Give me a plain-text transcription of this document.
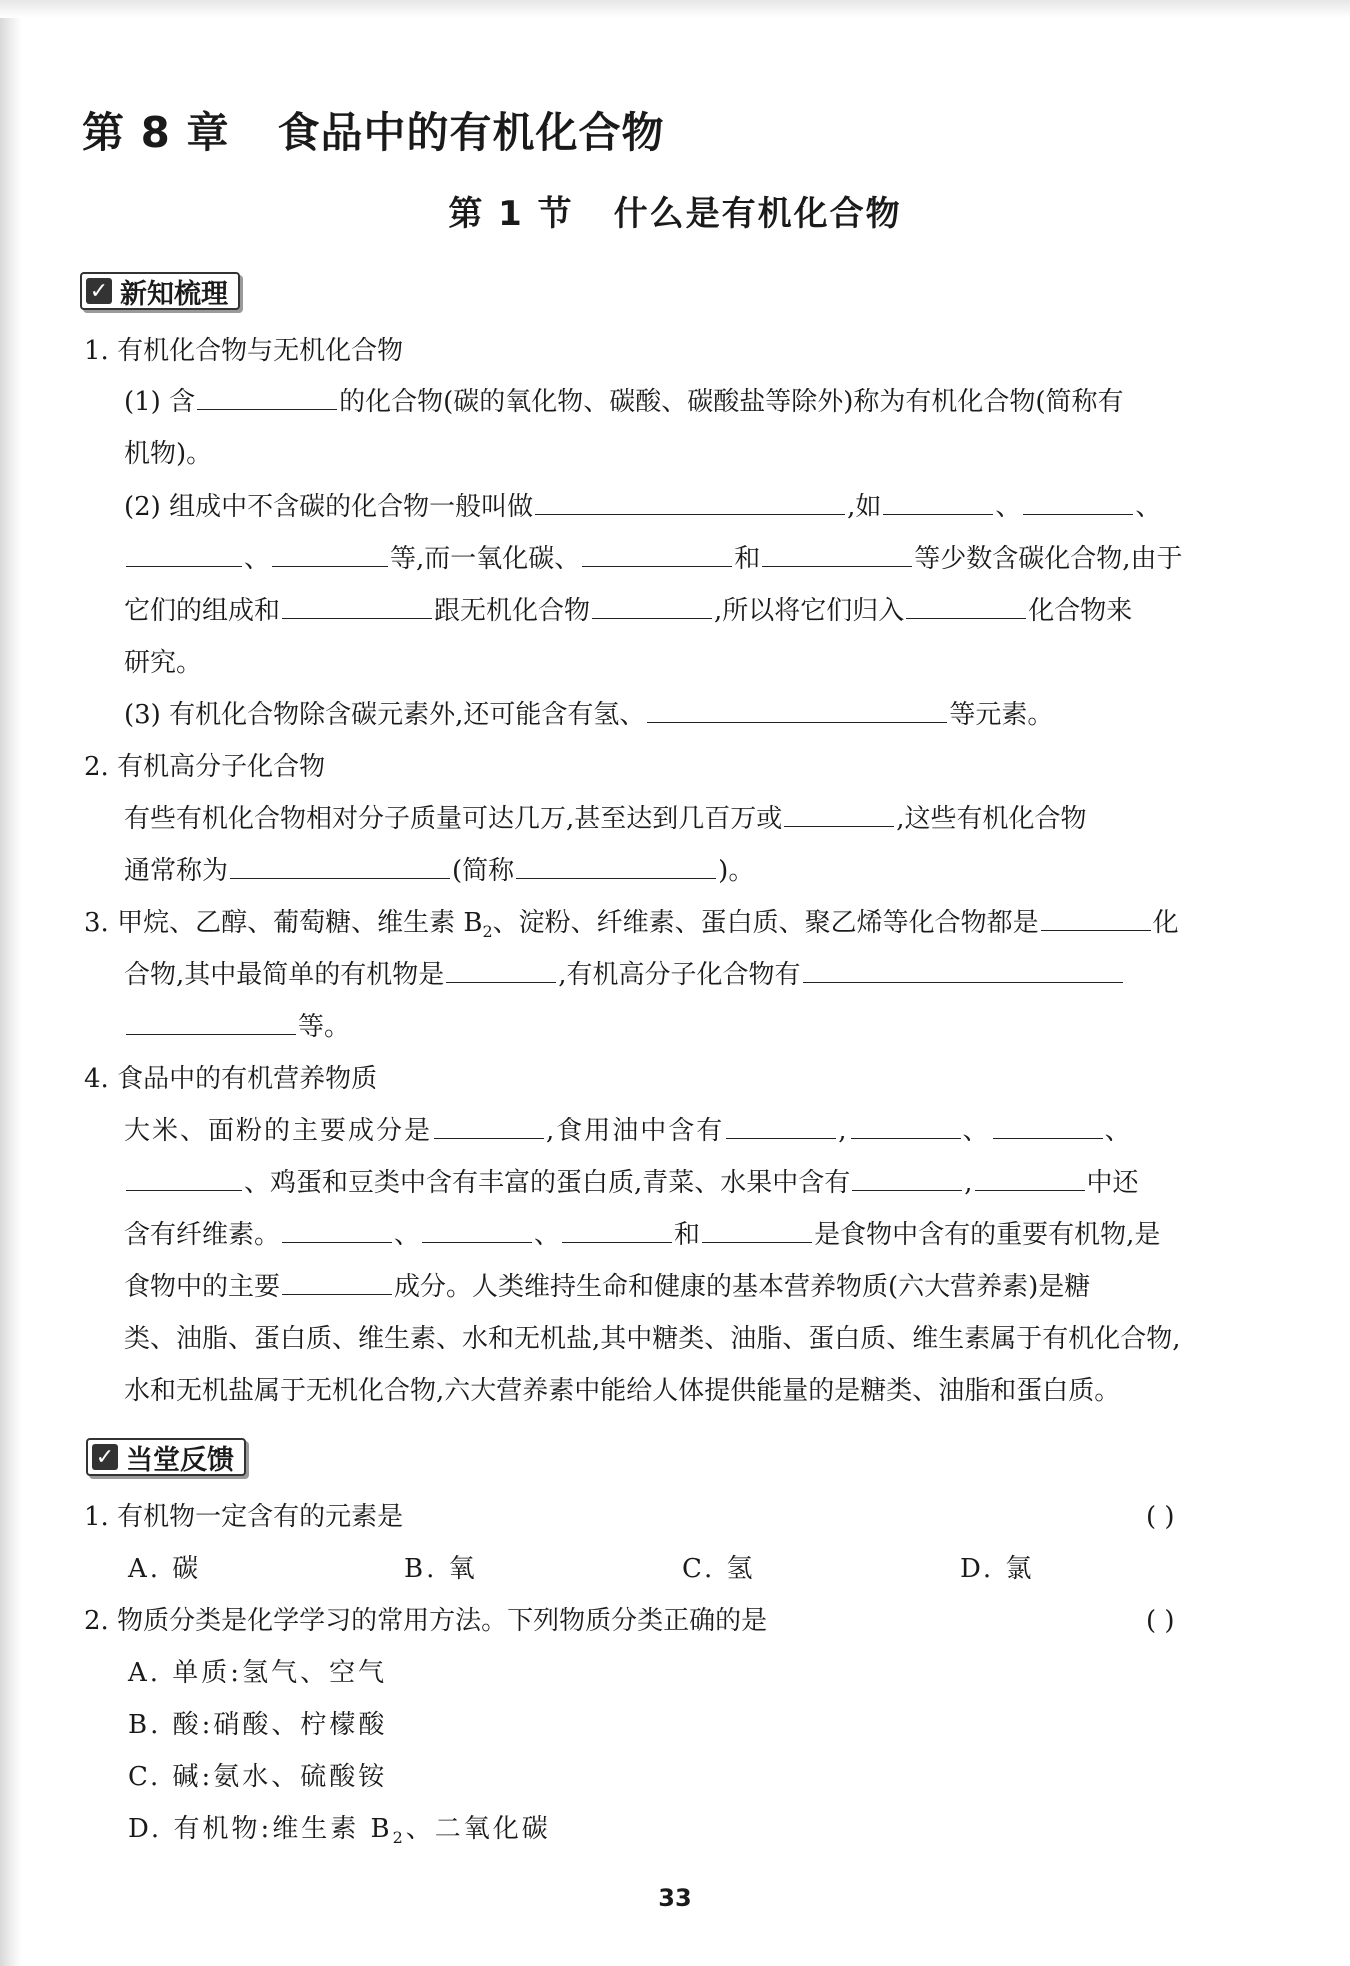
第 8 章 食品中的有机化合物
第 1 节 什么是有机化合物
✓ 新知梳理
1. 有机化合物与无机化合物
(1) 含	的化合物(碳的氧化物、碳酸、碳酸盐等除外)称为有机化合物(简称有
机物)。
(2) 组成中不含碳的化合物一般叫做	,如	、	、
、	等,而一氧化碳、	和	等少数含碳化合物,由于
它们的组成和	跟无机化合物	,所以将它们归入	化合物来
研究。
(3) 有机化合物除含碳元素外,还可能含有氢、	等元素。
2. 有机高分子化合物
有些有机化合物相对分子质量可达几万,甚至达到几百万或	,这些有机化合物
通常称为	(简称	)。
3. 甲烷、乙醇、葡萄糖、维生素 $B_2$、淀粉、纤维素、蛋白质、聚乙烯等化合物都是	化
合物,其中最简单的有机物是	,有机高分子化合物有
等。
4. 食品中的有机营养物质
大米、面粉的主要成分是	,食用油中含有	,	、	、
、鸡蛋和豆类中含有丰富的蛋白质,青菜、水果中含有	,	中还
含有纤维素。	、	、	和	是食物中含有的重要有机物,是
食物中的主要	成分。人类维持生命和健康的基本营养物质(六大营养素)是糖
类、油脂、蛋白质、维生素、水和无机盐,其中糖类、油脂、蛋白质、维生素属于有机化合物,
水和无机盐属于无机化合物,六大营养素中能给人体提供能量的是糖类、油脂和蛋白质。
✓ 当堂反馈
1. 有机物一定含有的元素是	( )
A. 碳	B. 氧	C. 氢	D. 氯
2. 物质分类是化学学习的常用方法。下列物质分类正确的是	( )
A. 单质:氢气、空气
B. 酸:硝酸、柠檬酸
C. 碱:氨水、硫酸铵
D. 有机物:维生素 $B_2$、二氧化碳
33
